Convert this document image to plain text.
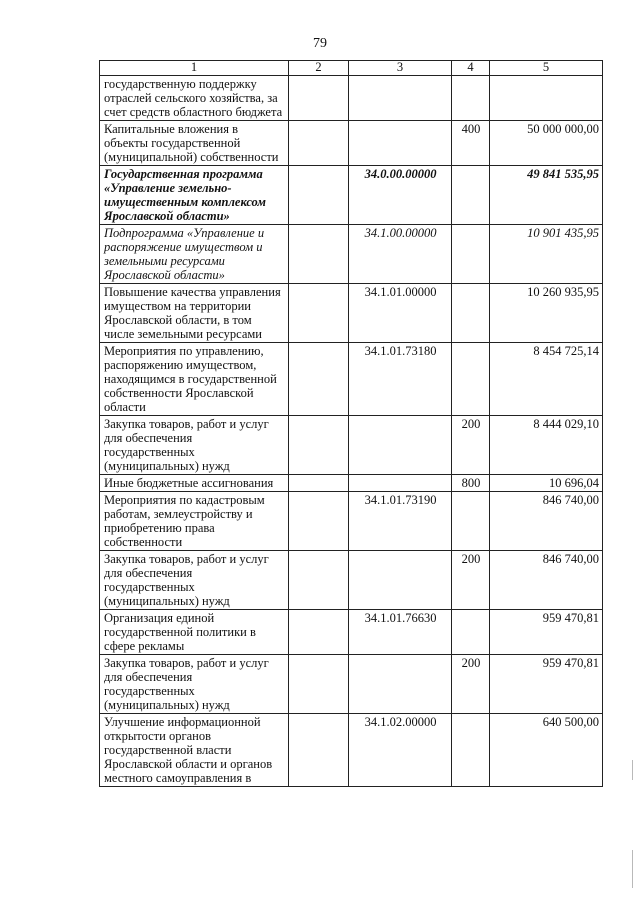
79
1	2	3	4	5
государственную поддержку отраслей сельского хозяйства, за счет средств областного бюджета				
Капитальные вложения в объекты государственной (муниципальной) собственности			400	50 000 000,00
Государственная программа «Управление земельно-имущественным комплексом Ярославской области»		34.0.00.00000		49 841 535,95
Подпрограмма «Управление и распоряжение имуществом и земельными ресурсами Ярославской области»		34.1.00.00000		10 901 435,95
Повышение качества управления имуществом на территории Ярославской области, в том числе земельными ресурсами		34.1.01.00000		10 260 935,95
Мероприятия по управлению, распоряжению имуществом, находящимся в государственной собственности Ярославской области		34.1.01.73180		8 454 725,14
Закупка товаров, работ и услуг для обеспечения государственных (муниципальных) нужд			200	8 444 029,10
Иные бюджетные ассигнования			800	10 696,04
Мероприятия по кадастровым работам, землеустройству и приобретению права собственности		34.1.01.73190		846 740,00
Закупка товаров, работ и услуг для обеспечения государственных (муниципальных) нужд			200	846 740,00
Организация единой государственной политики в сфере рекламы		34.1.01.76630		959 470,81
Закупка товаров, работ и услуг для обеспечения государственных (муниципальных) нужд			200	959 470,81
Улучшение информационной открытости органов государственной власти Ярославской области и органов местного самоуправления в		34.1.02.00000		640 500,00
